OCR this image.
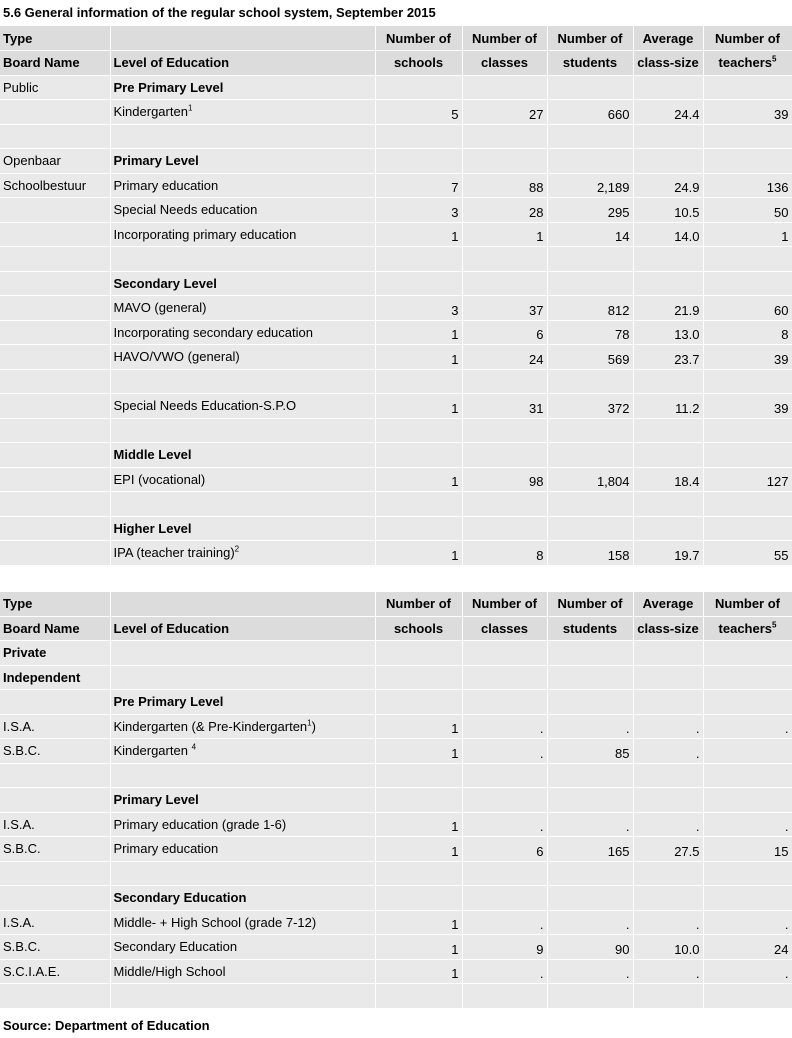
5.6 General information of the regular school system, September 2015
Type		Number of	Number of	Number of	Average	Number of
Board Name	Level of Education	schools	classes	students	class-size	teachers$^5$
Public	Pre Primary Level					
	Kindergarten$^1$	5	27	660	24.4	39

Openbaar	Primary Level					
Schoolbestuur	Primary education	7	88	2,189	24.9	136
	Special Needs education	3	28	295	10.5	50
	Incorporating primary education	1	1	14	14.0	1

	Secondary Level					
	MAVO (general)	3	37	812	21.9	60
	Incorporating secondary education	1	6	78	13.0	8
	HAVO/VWO (general)	1	24	569	23.7	39

	Special Needs Education-S.P.O	1	31	372	11.2	39

	Middle Level					
	EPI (vocational)	1	98	1,804	18.4	127

	Higher Level					
	IPA (teacher training)$^2$	1	8	158	19.7	55
Type		Number of	Number of	Number of	Average	Number of
Board Name	Level of Education	schools	classes	students	class-size	teachers$^5$
Private						
Independent						
	Pre Primary Level					
I.S.A.	Kindergarten (& Pre-Kindergarten$^1$)	1	.	.	.	.
S.B.C.	Kindergarten $^4$	1	.	85	.	

	Primary Level					
I.S.A.	Primary education (grade 1-6)	1	.	.	.	.
S.B.C.	Primary education	1	6	165	27.5	15

	Secondary Education					
I.S.A.	Middle- + High School (grade 7-12)	1	.	.	.	.
S.B.C.	Secondary Education	1	9	90	10.0	24
S.C.I.A.E.	Middle/High School	1	.	.	.	.

Source: Department of Education
